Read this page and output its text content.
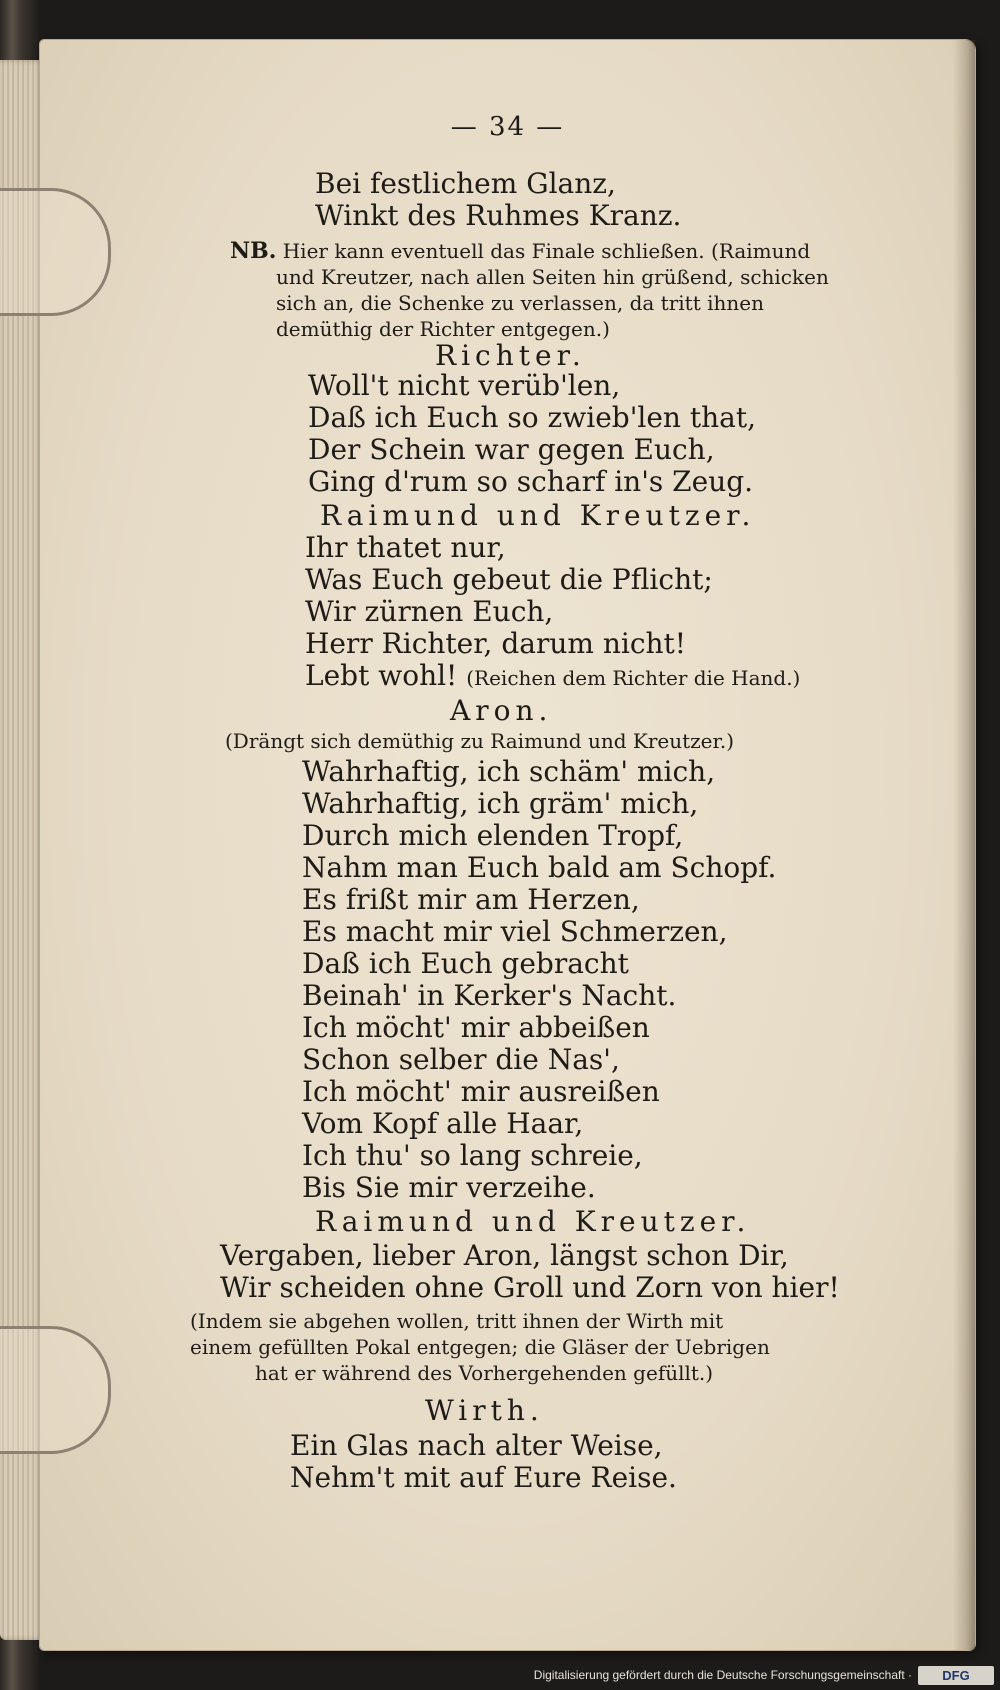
— 34 —
Bei festlichem Glanz,
Winkt des Ruhmes Kranz.
NB. Hier kann eventuell das Finale schließen. (Raimund
und Kreutzer, nach allen Seiten hin grüßend, schicken
sich an, die Schenke zu verlassen, da tritt ihnen
demüthig der Richter entgegen.)
Richter.
Woll't nicht verüb'len,
Daß ich Euch so zwieb'len that,
Der Schein war gegen Euch,
Ging d'rum so scharf in's Zeug.
Raimund und Kreutzer.
Ihr thatet nur,
Was Euch gebeut die Pflicht;
Wir zürnen Euch,
Herr Richter, darum nicht!
Lebt wohl! (Reichen dem Richter die Hand.)
Aron.
(Drängt sich demüthig zu Raimund und Kreutzer.)
Wahrhaftig, ich schäm' mich,
Wahrhaftig, ich gräm' mich,
Durch mich elenden Tropf,
Nahm man Euch bald am Schopf.
Es frißt mir am Herzen,
Es macht mir viel Schmerzen,
Daß ich Euch gebracht
Beinah' in Kerker's Nacht.
Ich möcht' mir abbeißen
Schon selber die Nas',
Ich möcht' mir ausreißen
Vom Kopf alle Haar,
Ich thu' so lang schreie,
Bis Sie mir verzeihe.
Raimund und Kreutzer.
Vergaben, lieber Aron, längst schon Dir,
Wir scheiden ohne Groll und Zorn von hier!
(Indem sie abgehen wollen, tritt ihnen der Wirth mit
einem gefüllten Pokal entgegen; die Gläser der Uebrigen
hat er während des Vorhergehenden gefüllt.)
Wirth.
Ein Glas nach alter Weise,
Nehm't mit auf Eure Reise.
Digitalisierung gefördert durch die Deutsche Forschungsgemeinschaft ·	DFG
